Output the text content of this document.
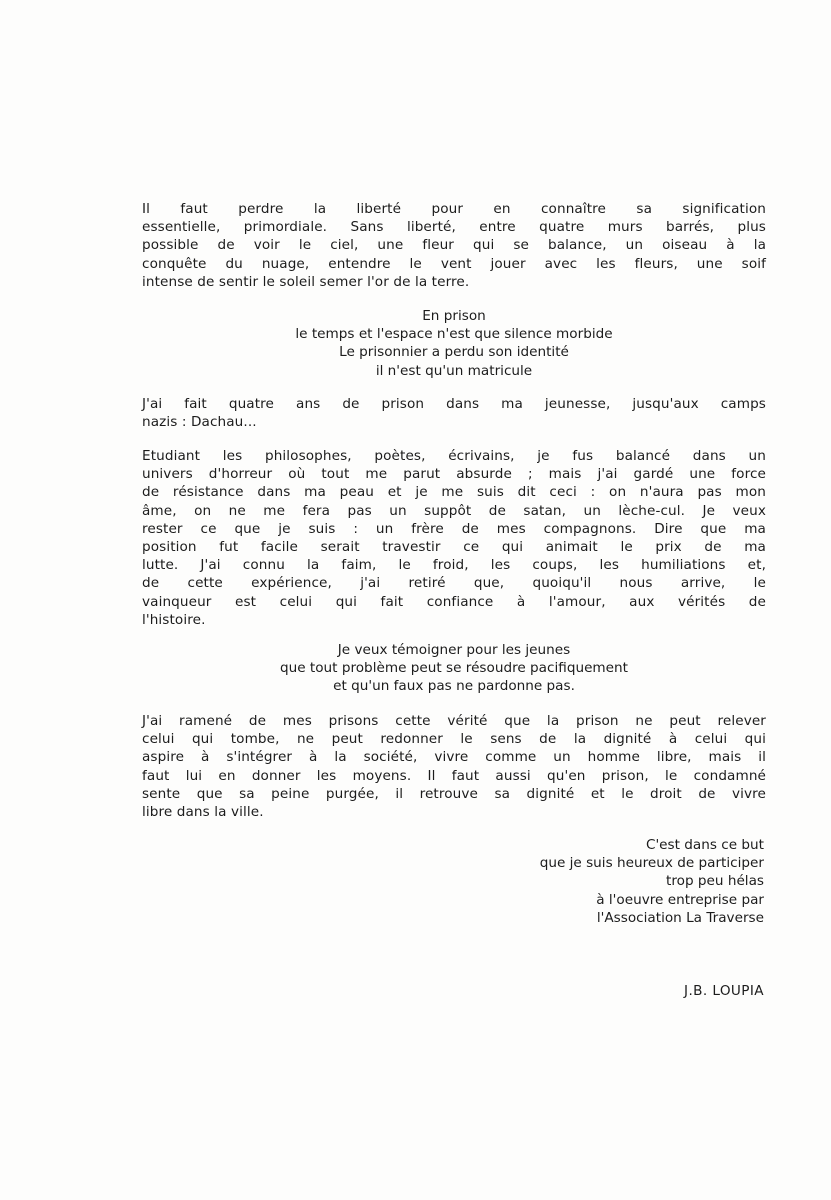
Il faut perdre la liberté pour en connaître sa signification
essentielle, primordiale. Sans liberté, entre quatre murs barrés, plus
possible de voir le ciel, une fleur qui se balance, un oiseau à la
conquête du nuage, entendre le vent jouer avec les fleurs, une soif
intense de sentir le soleil semer l'or de la terre.
En prison
le temps et l'espace n'est que silence morbide
Le prisonnier a perdu son identité
il n'est qu'un matricule
J'ai fait quatre ans de prison dans ma jeunesse, jusqu'aux camps
nazis : Dachau...
Etudiant les philosophes, poètes, écrivains, je fus balancé dans un
univers d'horreur où tout me parut absurde ; mais j'ai gardé une force
de résistance dans ma peau et je me suis dit ceci : on n'aura pas mon
âme, on ne me fera pas un suppôt de satan, un lèche-cul. Je veux
rester ce que je suis : un frère de mes compagnons. Dire que ma
position fut facile serait travestir ce qui animait le prix de ma
lutte. J'ai connu la faim, le froid, les coups, les humiliations et,
de cette expérience, j'ai retiré que, quoiqu'il nous arrive, le
vainqueur est celui qui fait confiance à l'amour, aux vérités de
l'histoire.
Je veux témoigner pour les jeunes
que tout problème peut se résoudre pacifiquement
et qu'un faux pas ne pardonne pas.
J'ai ramené de mes prisons cette vérité que la prison ne peut relever
celui qui tombe, ne peut redonner le sens de la dignité à celui qui
aspire à s'intégrer à la société, vivre comme un homme libre, mais il
faut lui en donner les moyens. Il faut aussi qu'en prison, le condamné
sente que sa peine purgée, il retrouve sa dignité et le droit de vivre
libre dans la ville.
C'est dans ce but
que je suis heureux de participer
trop peu hélas
à l'oeuvre entreprise par
l'Association La Traverse
J.B. LOUPIA
